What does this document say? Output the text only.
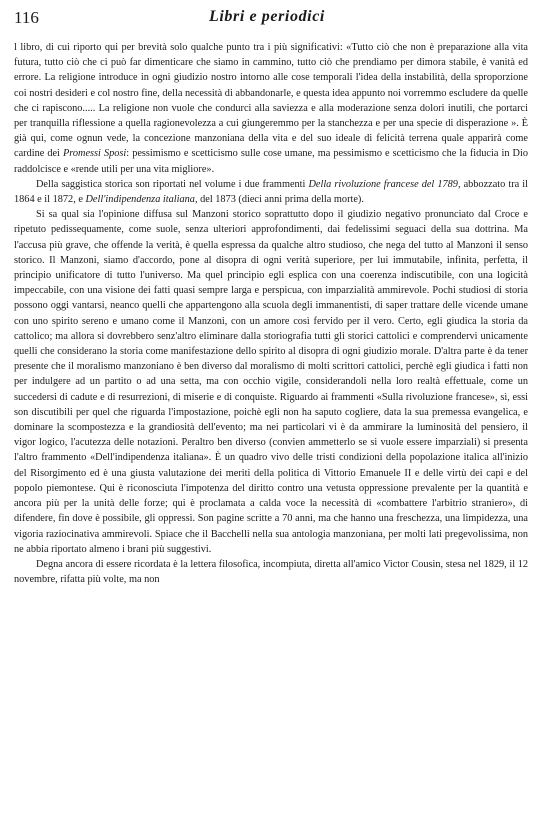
116	Libri e periodici

l libro, di cui riporto qui per brevità solo qualche punto tra i più significativi: «Tutto ciò che non è preparazione alla vita futura, tutto ciò che ci può far dimenticare che siamo in cammino, tutto ciò che prendiamo per dimora stabile, è vanità ed errore. La religione introduce in ogni giudizio nostro intorno alle cose temporali l'idea della instabilità, della sproporzione coi nostri desideri e col nostro fine, della necessità di abbandonarle, e questa idea appunto noi vorremmo escludere da quelle che ci rapiscono..... La religione non vuole che condurci alla saviezza e alla moderazione senza dolori inutili, che portarci per tranquilla riflessione a quella ragionevolezza a cui giungeremmo per la stanchezza e per una specie di disperazione ». È già qui, come ognun vede, la concezione manzoniana della vita e del suo ideale di felicità terrena quale apparirà come cardine dei Promessi Sposi: pessimismo e scetticismo sulle cose umane, ma pessimismo e scetticismo che la fiducia in Dio raddolcisce e «rende utili per una vita migliore».

Della saggistica storica son riportati nel volume i due frammenti Della rivoluzione francese del 1789, abbozzato tra il 1864 e il 1872, e Dell'indipendenza italiana, del 1873 (dieci anni prima della morte).

Si sa qual sia l'opinione diffusa sul Manzoni storico soprattutto dopo il giudizio negativo pronunciato dal Croce e ripetuto pedissequamente, come suole, senza ulteriori approfondimenti, dai fedelissimi seguaci della sua dottrina. Ma l'accusa più grave, che offende la verità, è quella espressa da qualche altro studioso, che nega del tutto al Manzoni il senso storico. Il Manzoni, siamo d'accordo, pone al disopra di ogni verità superiore, per lui immutabile, infinita, perfetta, il principio unificatore di tutto l'universo. Ma quel principio egli esplica con una coerenza indiscutibile, con una logicità impeccabile, con una visione dei fatti quasi sempre larga e perspicua, con imparzialità ammirevole. Pochi studiosi di storia possono oggi vantarsi, neanco quelli che appartengono alla scuola degli immanentisti, di saper trattare delle vicende umane con uno spirito sereno e umano come il Manzoni, con un amore così fervido per il vero. Certo, egli giudica la storia da cattolico; ma allora si dovrebbero senz'altro eliminare dalla storiografia tutti gli storici cattolici e comprendervi unicamente quelli che considerano la storia come manifestazione dello spirito al disopra di ogni giudizio morale. D'altra parte è da tener presente che il moralismo manzoniano è ben diverso dal moralismo di molti scrittori cattolici, perchè egli giudica i fatti non per indulgere ad un partito o ad una setta, ma con occhio vigile, considerandoli nella loro realtà effettuale, come un succedersi di cadute e di resurrezioni, di miserie e di conquiste. Riguardo ai frammenti «Sulla rivoluzione francese», sì, essi son discutibili per quel che riguarda l'impostazione, poichè egli non ha saputo cogliere, data la sua premessa evangelica, e dominare la scompostezza e la grandiosità dell'evento; ma nei particolari vi è da ammirare la luminosità del pensiero, il vigor logico, l'acutezza delle notazioni. Peraltro ben diverso (convien ammetterlo se si vuole essere imparziali) si presenta l'altro frammento «Dell'indipendenza italiana». È un quadro vivo delle tristi condizioni della popolazione italica all'inizio del Risorgimento ed è una giusta valutazione dei meriti della politica di Vittorio Emanuele II e delle virtù dei capi e del popolo piemontese. Qui è riconosciuta l'impotenza del diritto contro una vetusta oppressione prevalente per la quantità e ancora più per la unità delle forze; qui è proclamata a calda voce la necessità di «combattere l'arbitrio straniero», di difendere, fin dove è possibile, gli oppressi. Son pagine scritte a 70 anni, ma che hanno una freschezza, una limpidezza, una vigoria raziocinativa ammirevoli. Spiace che il Bacchelli nella sua antologia manzoniana, per molti lati pregevolissima, non ne abbia riportato almeno i brani più suggestivi.

Degna ancora di essere ricordata è la lettera filosofica, incompiuta, diretta all'amico Victor Cousin, stesa nel 1829, il 12 novembre, rifatta più volte, ma non
